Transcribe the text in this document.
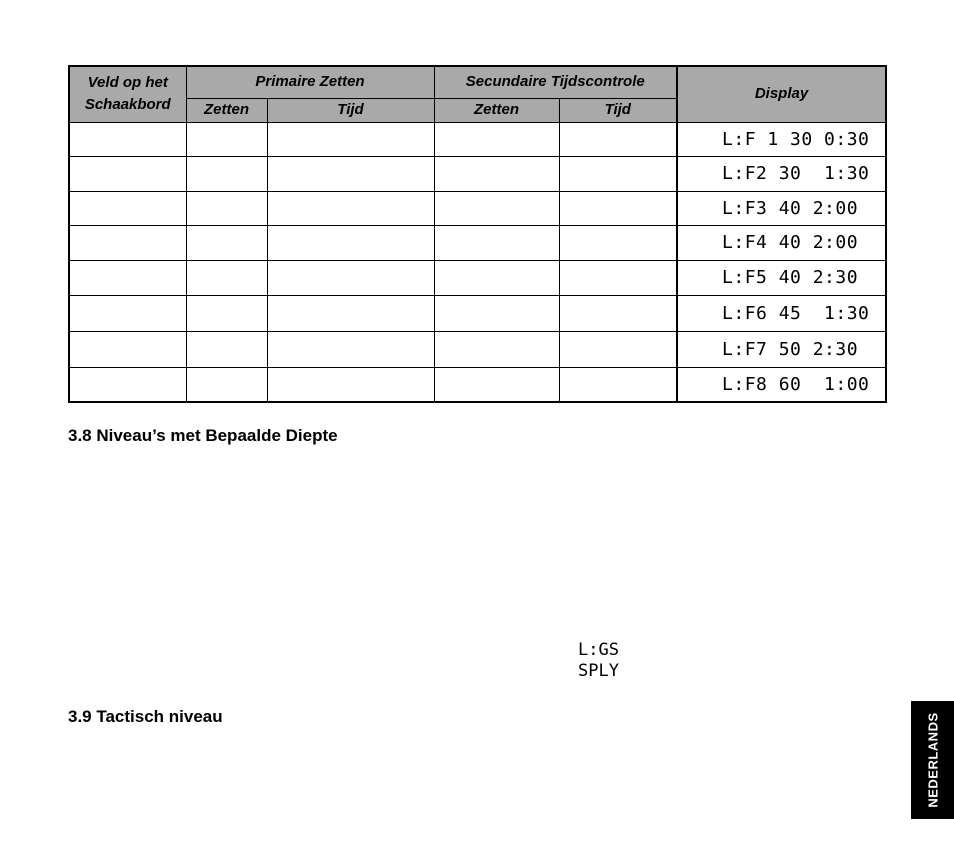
Veld op het Schaakbord	Primaire Zetten		Secundaire Tijdscontrole		Display
	Zetten	Tijd	Zetten	Tijd	
					L:F 1 30 0:30
					L:F2 30  1:30
					L:F3 40 2:00
					L:F4 40 2:00
					L:F5 40 2:30
					L:F6 45  1:30
					L:F7 50 2:30
					L:F8 60  1:00
3.8 Niveau’s met Bepaalde Diepte
L:GS
SPLY
3.9 Tactisch niveau	NEDERLANDS
